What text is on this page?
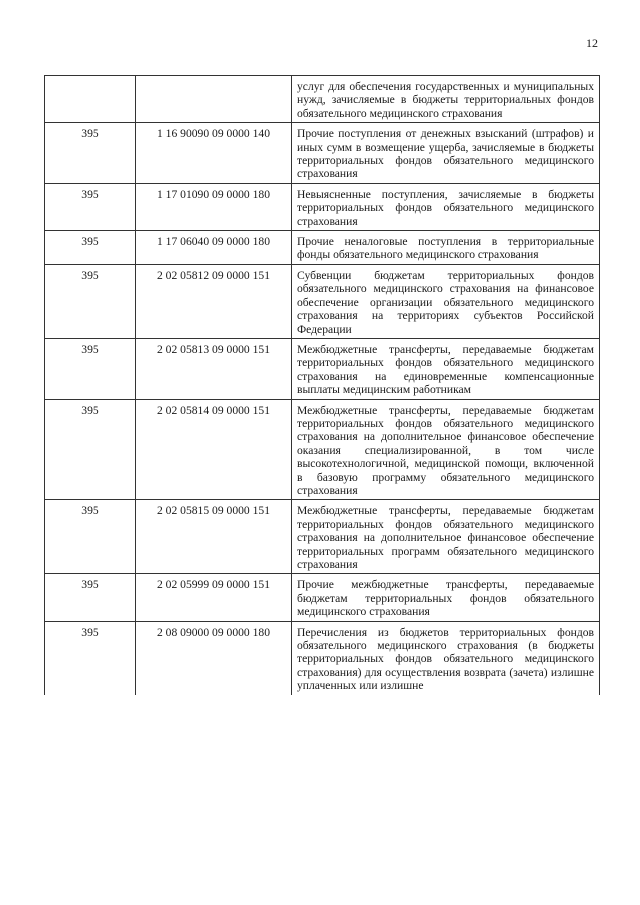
12
		услуг для обеспечения государственных и муниципальных нужд, зачисляемые в бюджеты территориальных фондов обязательного медицинского страхования
395	1 16 90090 09 0000 140	Прочие поступления от денежных взысканий (штрафов) и иных сумм в возмещение ущерба, зачисляемые в бюджеты территориальных фондов обязательного медицинского страхования
395	1 17 01090 09 0000 180	Невыясненные поступления, зачисляемые в бюджеты территориальных фондов обязательного медицинского страхования
395	1 17 06040 09 0000 180	Прочие неналоговые поступления в территориальные фонды обязательного медицинского страхования
395	2 02 05812 09 0000 151	Субвенции бюджетам территориальных фондов обязательного медицинского страхования на финансовое обеспечение организации обязательного медицинского страхования на территориях субъектов Российской Федерации
395	2 02 05813 09 0000 151	Межбюджетные трансферты, передаваемые бюджетам территориальных фондов обязательного медицинского страхования на единовременные компенсационные выплаты медицинским работникам
395	2 02 05814 09 0000 151	Межбюджетные трансферты, передаваемые бюджетам территориальных фондов обязательного медицинского страхования на дополнительное финансовое обеспечение оказания специализированной, в том числе высокотехнологичной, медицинской помощи, включенной в базовую программу обязательного медицинского страхования
395	2 02 05815 09 0000 151	Межбюджетные трансферты, передаваемые бюджетам территориальных фондов обязательного медицинского страхования на дополнительное финансовое обеспечение территориальных программ обязательного медицинского страхования
395	2 02 05999 09 0000 151	Прочие межбюджетные трансферты, передаваемые бюджетам территориальных фондов обязательного медицинского страхования
395	2 08 09000 09 0000 180	Перечисления из бюджетов территориальных фондов обязательного медицинского страхования (в бюджеты территориальных фондов обязательного медицинского страхования) для осуществления возврата (зачета) излишне уплаченных или излишне
